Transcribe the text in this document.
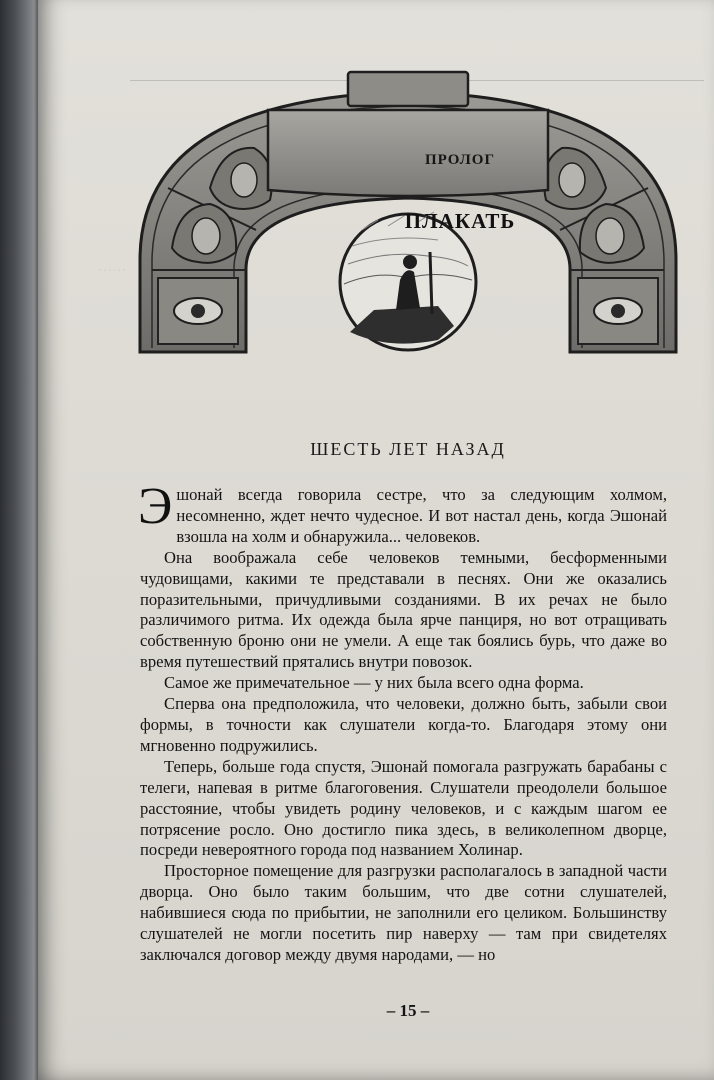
……
ПРОЛОГ
ПЛАКАТЬ
ШЕСТЬ ЛЕТ НАЗАД

Эшонай всегда говорила сестре, что за следующим холмом, несомненно, ждет нечто чудесное. И вот настал день, когда Эшонай взошла на холм и обнаружила... человеков.

Она воображала себе человеков темными, бесформенными чудовищами, какими те представали в песнях. Они же оказались поразительными, причудливыми созданиями. В их речах не было различимого ритма. Их одежда была ярче панциря, но вот отращивать собственную броню они не умели. А еще так боялись бурь, что даже во время путешествий прятались внутри повозок.

Самое же примечательное — у них была всего одна форма.

Сперва она предположила, что человеки, должно быть, забыли свои формы, в точности как слушатели когда-то. Благодаря этому они мгновенно подружились.

Теперь, больше года спустя, Эшонай помогала разгружать барабаны с телеги, напевая в ритме благоговения. Слушатели преодолели большое расстояние, чтобы увидеть родину человеков, и с каждым шагом ее потрясение росло. Оно достигло пика здесь, в великолепном дворце, посреди невероятного города под названием Холинар.

Просторное помещение для разгрузки располагалось в западной части дворца. Оно было таким большим, что две сотни слушателей, набившиеся сюда по прибытии, не заполнили его целиком. Большинству слушателей не могли посетить пир наверху — там при свидетелях заключался договор между двумя народами, — но

– 15 –
